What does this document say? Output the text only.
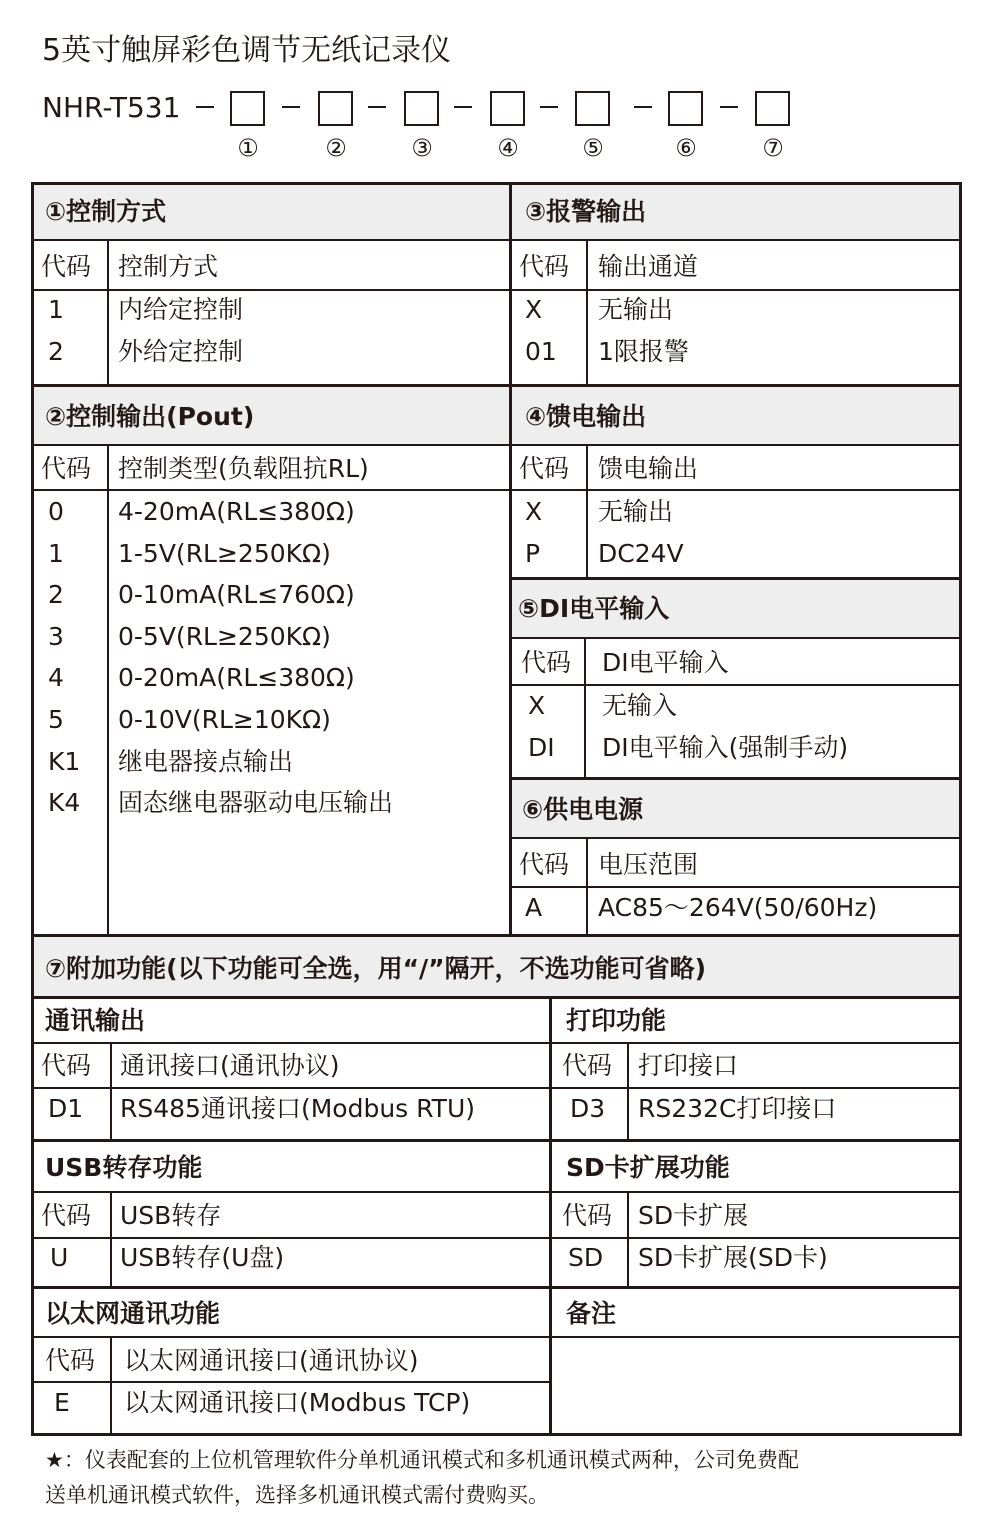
5英寸触屏彩色调节无纸记录仪
NHR-T531
①	②	③	④	⑤	⑥	⑦
①控制方式
代码 控制方式
1 内给定控制
2 外给定控制
③报警输出
代码 输出通道
X 无输出
01 1限报警
②控制输出(Pout)
代码 控制类型(负载阻抗RL)
0 4-20mA(RL≤380Ω)
1 1-5V(RL≥250KΩ)
2 0-10mA(RL≤760Ω)
3 0-5V(RL≥250KΩ)
4 0-20mA(RL≤380Ω)
5 0-10V(RL≥10KΩ)
K1 继电器接点输出
K4 固态继电器驱动电压输出
④馈电输出
代码 馈电输出
X 无输出
P DC24V
⑤DI电平输入
代码 DI电平输入
X 无输入
DI DI电平输入(强制手动)
⑥供电电源
代码 电压范围
A AC85～264V(50/60Hz)
⑦附加功能(以下功能可全选，用“/”隔开，不选功能可省略)
通讯输出
代码 通讯接口(通讯协议)
D1 RS485通讯接口(Modbus RTU)
打印功能
代码 打印接口
D3 RS232C打印接口
USB转存功能
代码 USB转存
U USB转存(U盘)
SD卡扩展功能
代码 SD卡扩展
SD SD卡扩展(SD卡)
以太网通讯功能
代码 以太网通讯接口(通讯协议)
E 以太网通讯接口(Modbus TCP)
备注
★：仪表配套的上位机管理软件分单机通讯模式和多机通讯模式两种，公司免费配
送单机通讯模式软件，选择多机通讯模式需付费购买。
